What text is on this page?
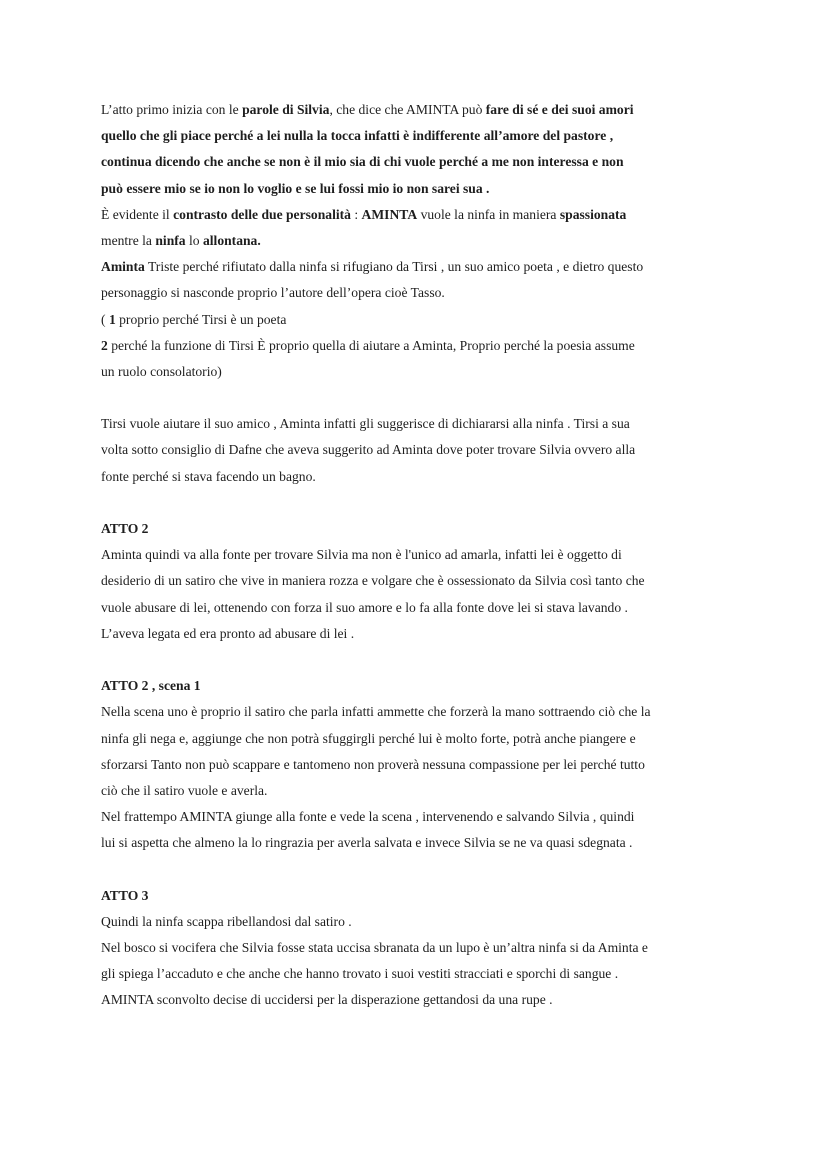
L’atto primo inizia con le parole di Silvia, che dice che AMINTA può fare di sé e dei suoi amori
quello che gli piace perché a lei nulla la tocca infatti è indifferente all’amore del pastore ,
continua dicendo che anche se non è il mio sia di chi vuole perché a me non interessa e non
può essere mio se io non lo voglio e se lui fossi mio io non sarei sua .
È evidente il contrasto delle due personalità : AMINTA vuole la ninfa in maniera spassionata
mentre la ninfa lo allontana.
Aminta Triste perché rifiutato dalla ninfa si rifugiano da Tirsi , un suo amico poeta , e dietro questo
personaggio si nasconde proprio l’autore dell’opera cioè Tasso.
( 1 proprio perché Tirsi è un poeta
2 perché la funzione di Tirsi È proprio quella di aiutare a Aminta, Proprio perché la poesia assume
un ruolo consolatorio)
Tirsi vuole aiutare il suo amico , Aminta infatti gli suggerisce di dichiararsi alla ninfa . Tirsi a sua
volta sotto consiglio di Dafne che aveva suggerito ad Aminta dove poter trovare Silvia ovvero alla
fonte perché si stava facendo un bagno.
ATTO 2
Aminta quindi va alla fonte per trovare Silvia ma non è l'unico ad amarla, infatti lei è oggetto di
desiderio di un satiro che vive in maniera rozza e volgare che è ossessionato da Silvia così tanto che
vuole abusare di lei, ottenendo con forza il suo amore e lo fa alla fonte dove lei si stava lavando .
L’aveva legata ed era pronto ad abusare di lei .
ATTO 2 , scena 1
Nella scena uno è proprio il satiro che parla infatti ammette che forzerà la mano sottraendo ciò che la
ninfa gli nega e, aggiunge che non potrà sfuggirgli perché lui è molto forte, potrà anche piangere e
sforzarsi Tanto non può scappare e tantomeno non proverà nessuna compassione per lei perché tutto
ciò che il satiro vuole e averla.
Nel frattempo AMINTA giunge alla fonte e vede la scena , intervenendo e salvando Silvia , quindi
lui si aspetta che almeno la lo ringrazia per averla salvata e invece Silvia se ne va quasi sdegnata .
ATTO 3
Quindi la ninfa scappa ribellandosi dal satiro .
Nel bosco si vocifera che Silvia fosse stata uccisa sbranata da un lupo è un’altra ninfa si da Aminta e
gli spiega l’accaduto e che anche che hanno trovato i suoi vestiti stracciati e sporchi di sangue .
AMINTA sconvolto decise di uccidersi per la disperazione gettandosi da una rupe .
